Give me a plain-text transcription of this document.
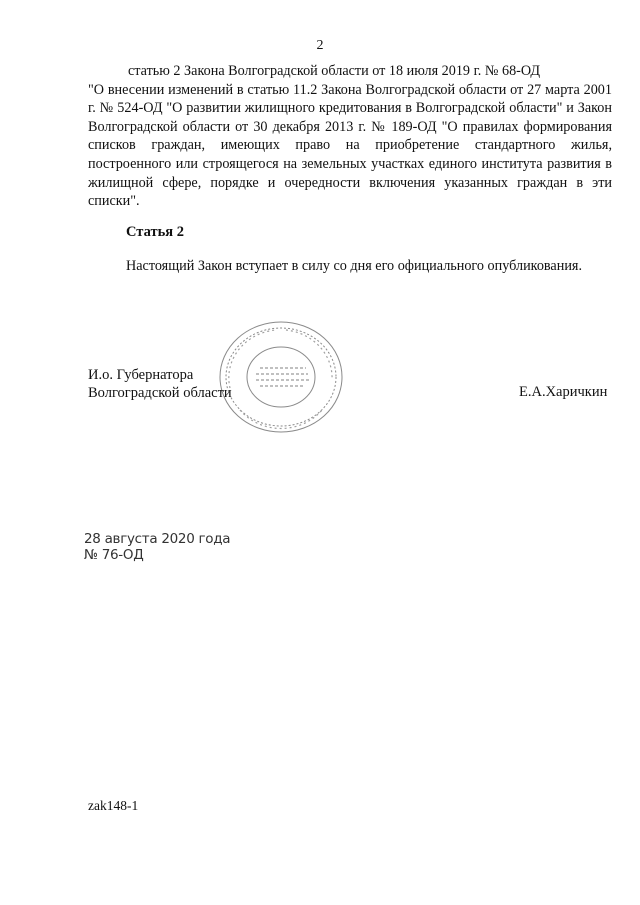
2

статью 2 Закона Волгоградской области от 18 июля 2019 г. № 68-ОД

"О внесении изменений в статью 11.2 Закона Волгоградской области от 27 марта 2001 г. № 524-ОД "О развитии жилищного кредитования в Волгоградской области" и Закон Волгоградской области от 30 декабря 2013 г. № 189-ОД "О правилах формирования списков граждан, имеющих право на приобретение стандартного жилья, построенного или строящегося на земельных участках единого института развития в жилищной сфере, порядке и очередности включения указанных граждан в эти списки".

Статья 2
Настоящий Закон вступает в силу со дня его официального опубликования.
И.о. Губернатора
Волгоградской области	Е.А.Харичкин
28 августа 2020 года
№ 76-ОД
zak148-1
